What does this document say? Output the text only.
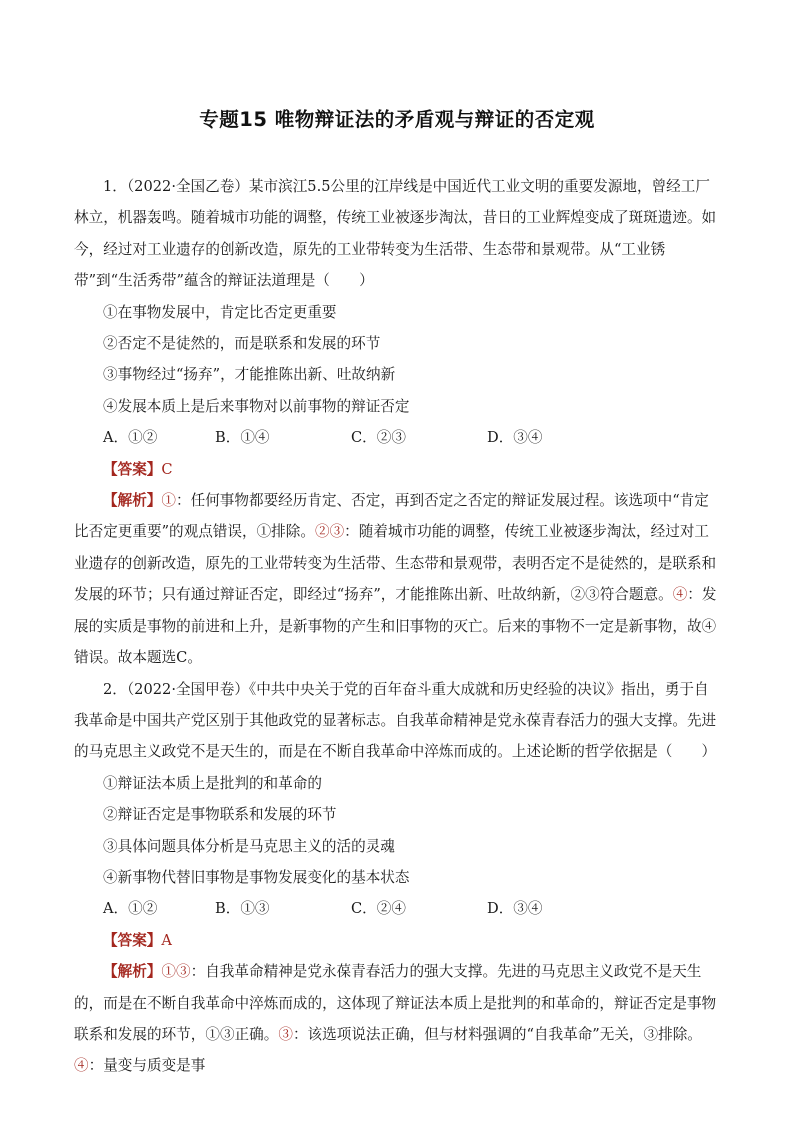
专题15 唯物辩证法的矛盾观与辩证的否定观

1．（2022·全国乙卷）某市滨江5.5公里的江岸线是中国近代工业文明的重要发源地，曾经工厂林立，机器轰鸣。随着城市功能的调整，传统工业被逐步淘汰，昔日的工业辉煌变成了斑斑遗迹。如今，经过对工业遗存的创新改造，原先的工业带转变为生活带、生态带和景观带。从“工业锈带”到“生活秀带”蕴含的辩证法道理是（　　）

①在事物发展中，肯定比否定更重要

②否定不是徒然的，而是联系和发展的环节

③事物经过“扬弃”，才能推陈出新、吐故纳新

④发展本质上是后来事物对以前事物的辩证否定

A．①②	B．①④	C．②③	D．③④

【答案】C

【解析】①：任何事物都要经历肯定、否定，再到否定之否定的辩证发展过程。该选项中“肯定比否定更重要”的观点错误，①排除。②③：随着城市功能的调整，传统工业被逐步淘汰，经过对工业遗存的创新改造，原先的工业带转变为生活带、生态带和景观带，表明否定不是徒然的，是联系和发展的环节；只有通过辩证否定，即经过“扬弃”，才能推陈出新、吐故纳新，②③符合题意。④：发展的实质是事物的前进和上升，是新事物的产生和旧事物的灭亡。后来的事物不一定是新事物，故④错误。故本题选C。

2．（2022·全国甲卷）《中共中央关于党的百年奋斗重大成就和历史经验的决议》指出，勇于自我革命是中国共产党区别于其他政党的显著标志。自我革命精神是党永葆青春活力的强大支撑。先进的马克思主义政党不是天生的，而是在不断自我革命中淬炼而成的。上述论断的哲学依据是（　　）

①辩证法本质上是批判的和革命的

②辩证否定是事物联系和发展的环节

③具体问题具体分析是马克思主义的活的灵魂

④新事物代替旧事物是事物发展变化的基本状态

A．①②	B．①③	C．②④	D．③④

【答案】A

【解析】①③：自我革命精神是党永葆青春活力的强大支撑。先进的马克思主义政党不是天生的，而是在不断自我革命中淬炼而成的，这体现了辩证法本质上是批判的和革命的，辩证否定是事物联系和发展的环节，①③正确。③：该选项说法正确，但与材料强调的“自我革命”无关，③排除。④：量变与质变是事
